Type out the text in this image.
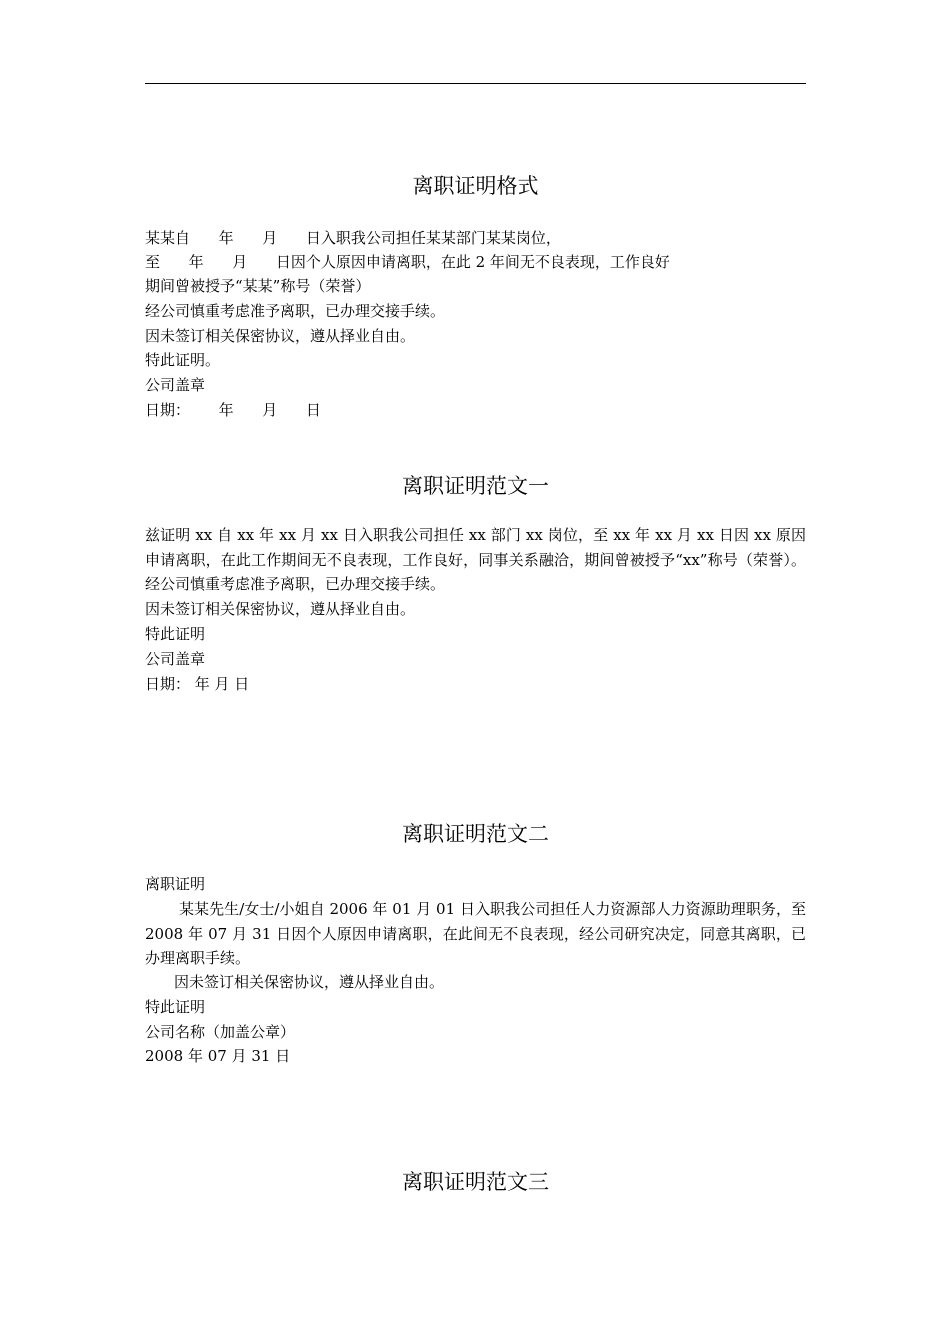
离职证明格式
某某自      年      月      日入职我公司担任某某部门某某岗位，
至      年      月      日因个人原因申请离职，在此 2 年间无不良表现，工作良好
期间曾被授予“某某”称号（荣誉）
经公司慎重考虑准予离职，已办理交接手续。
因未签订相关保密协议，遵从择业自由。
特此证明。
公司盖章
日期：      年      月      日
离职证明范文一
兹证明 xx 自 xx 年 xx 月 xx 日入职我公司担任 xx 部门 xx 岗位，至 xx 年 xx 月 xx 日因 xx 原因申请离职，在此工作期间无不良表现，工作良好，同事关系融洽，期间曾被授予“xx”称号（荣誉）。经公司慎重考虑准予离职，已办理交接手续。
因未签订相关保密协议，遵从择业自由。
特此证明
公司盖章
日期： 年 月 日
离职证明范文二
离职证明
某某先生/女士/小姐自 2006 年 01 月 01 日入职我公司担任人力资源部人力资源助理职务，至 2008 年 07 月 31 日因个人原因申请离职，在此间无不良表现，经公司研究决定，同意其离职，已办理离职手续。
因未签订相关保密协议，遵从择业自由。
特此证明
公司名称（加盖公章）
2008 年 07 月 31 日
离职证明范文三
